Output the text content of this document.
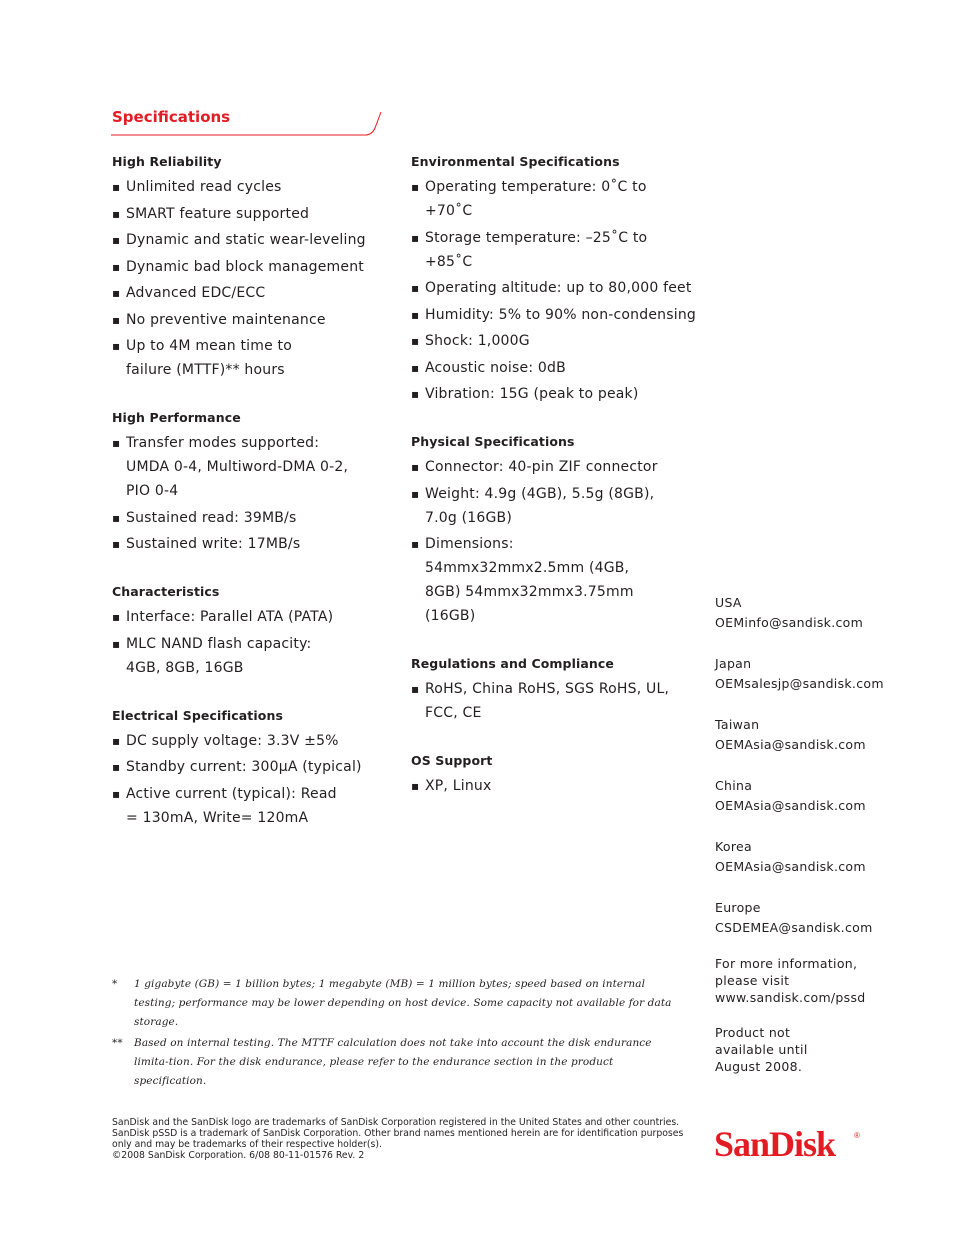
Specifications
High Reliability
▪ Unlimited read cycles
▪ SMART feature supported
▪ Dynamic and static wear-leveling
▪ Dynamic bad block management
▪ Advanced EDC/ECC
▪ No preventive maintenance
▪ Up to 4M mean time to failure (MTTF)** hours
High Performance
▪ Transfer modes supported: UMDA 0-4, Multiword-DMA 0-2, PIO 0-4
▪ Sustained read: 39MB/s
▪ Sustained write: 17MB/s
Characteristics
▪ Interface: Parallel ATA (PATA)
▪ MLC NAND flash capacity: 4GB, 8GB, 16GB
Electrical Specifications
▪ DC supply voltage: 3.3V ±5%
▪ Standby current: 300µA (typical)
▪ Active current (typical): Read = 130mA, Write= 120mA
Environmental Specifications
▪ Operating temperature: 0˚C to +70˚C
▪ Storage temperature: –25˚C to +85˚C
▪ Operating altitude: up to 80,000 feet
▪ Humidity: 5% to 90% non-condensing
▪ Shock: 1,000G
▪ Acoustic noise: 0dB
▪ Vibration: 15G (peak to peak)
Physical Specifications
▪ Connector: 40-pin ZIF connector
▪ Weight: 4.9g (4GB), 5.5g (8GB), 7.0g (16GB)
▪ Dimensions: 54mmx32mmx2.5mm (4GB, 8GB) 54mmx32mmx3.75mm (16GB)
Regulations and Compliance
▪ RoHS, China RoHS, SGS RoHS, UL, FCC, CE
OS Support
▪ XP, Linux
USA
OEMinfo@sandisk.com
Japan
OEMsalesjp@sandisk.com
Taiwan
OEMAsia@sandisk.com
China
OEMAsia@sandisk.com
Korea
OEMAsia@sandisk.com
Europe
CSDEMEA@sandisk.com
For more information, please visit www.sandisk.com/pssd
Product not available until August 2008.
* 1 gigabyte (GB) = 1 billion bytes; 1 megabyte (MB) = 1 million bytes; speed based on internal testing; performance may be lower depending on host device. Some capacity not available for data storage.
** Based on internal testing. The MTTF calculation does not take into account the disk endurance limita-tion. For the disk endurance, please refer to the endurance section in the product specification.
SanDisk and the SanDisk logo are trademarks of SanDisk Corporation registered in the United States and other countries.
SanDisk pSSD is a trademark of SanDisk Corporation. Other brand names mentioned herein are for identification purposes only and may be trademarks of their respective holder(s).
©2008 SanDisk Corporation. 6/08 80-11-01576 Rev. 2	SanDisk ®
